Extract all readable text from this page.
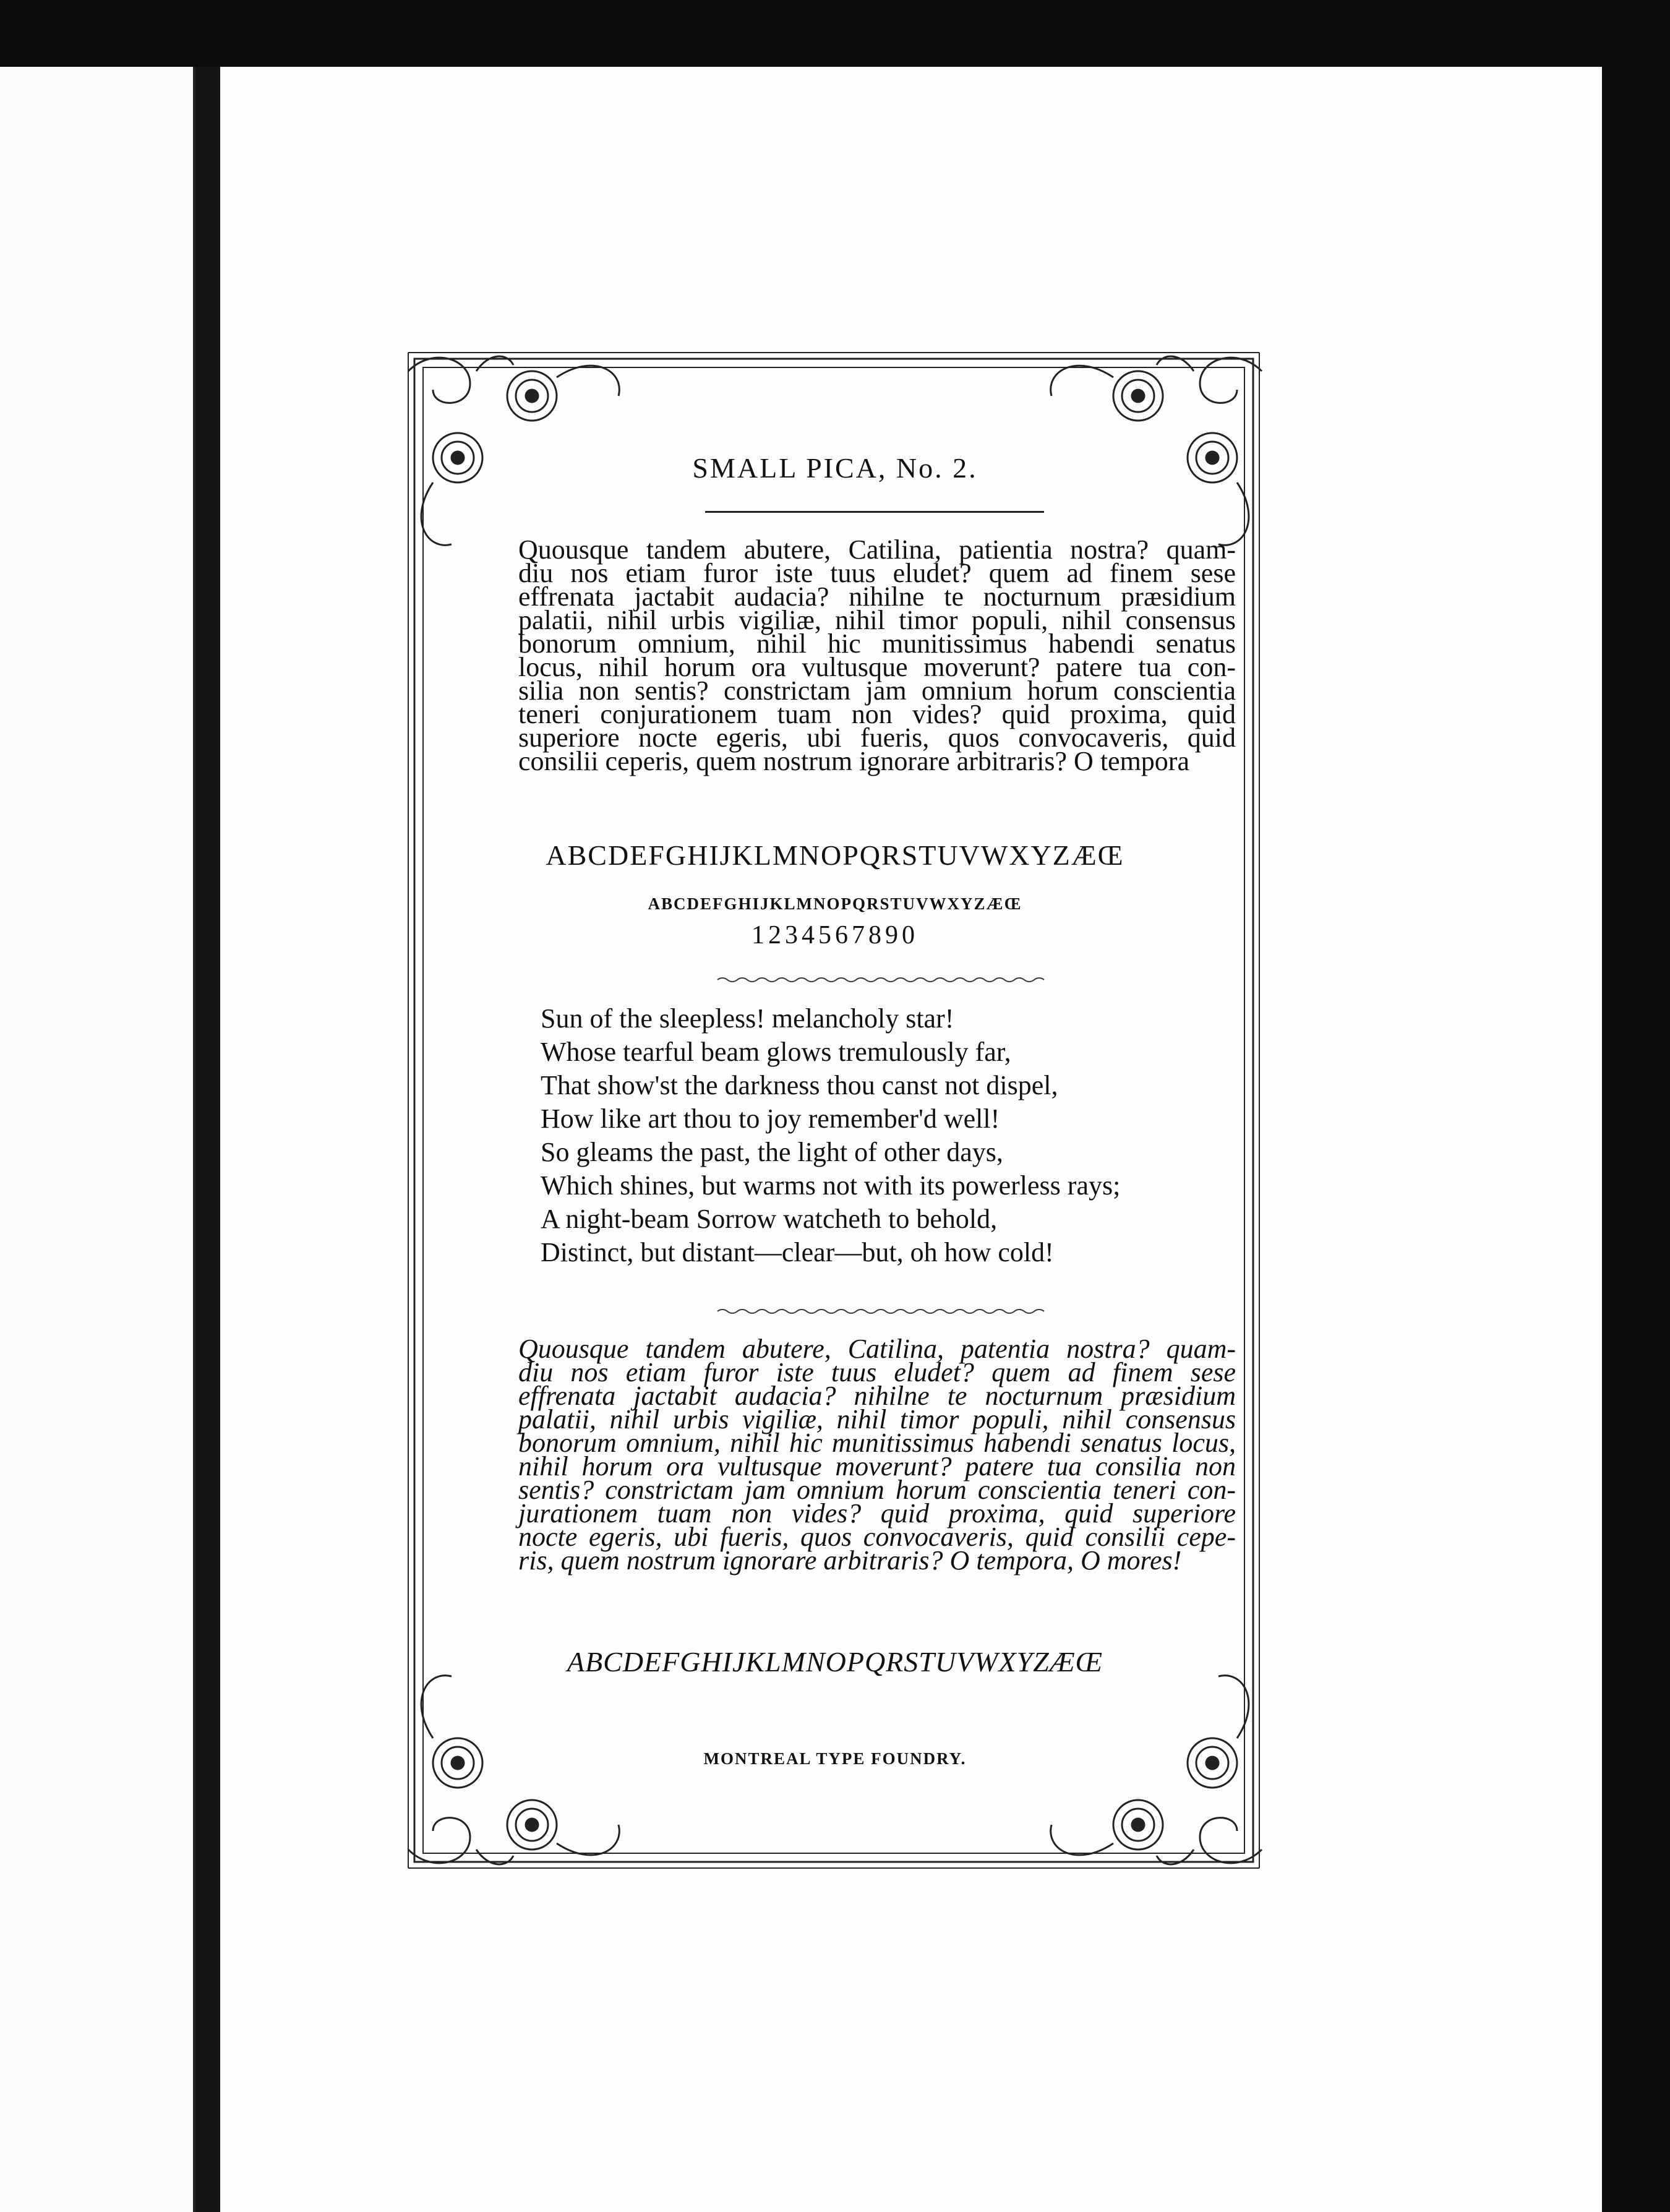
SMALL PICA, No. 2.

Quousque tandem abutere, Catilina, patientia nostra? quam-
diu nos etiam furor iste tuus eludet? quem ad finem sese
effrenata jactabit audacia? nihilne te nocturnum præsidium
palatii, nihil urbis vigiliæ, nihil timor populi, nihil consensus
bonorum omnium, nihil hic munitissimus habendi senatus
locus, nihil horum ora vultusque moverunt? patere tua con-
silia non sentis? constrictam jam omnium horum conscientia
teneri conjurationem tuam non vides? quid proxima, quid
superiore nocte egeris, ubi fueris, quos convocaveris, quid
consilii ceperis, quem nostrum ignorare arbitraris? O tempora

ABCDEFGHIJKLMNOPQRSTUVWXYZÆŒ
ABCDEFGHIJKLMNOPQRSTUVWXYZÆŒ
1234567890
Sun of the sleepless! melancholy star!
Whose tearful beam glows tremulously far,
That show'st the darkness thou canst not dispel,
How like art thou to joy remember'd well!
So gleams the past, the light of other days,
Which shines, but warms not with its powerless rays;
A night-beam Sorrow watcheth to behold,
Distinct, but distant—clear—but, oh how cold!

Quousque tandem abutere, Catilina, patentia nostra? quam-
diu nos etiam furor iste tuus eludet? quem ad finem sese
effrenata jactabit audacia? nihilne te nocturnum præsidium
palatii, nihil urbis vigiliæ, nihil timor populi, nihil consensus
bonorum omnium, nihil hic munitissimus habendi senatus locus,
nihil horum ora vultusque moverunt? patere tua consilia non
sentis? constrictam jam omnium horum conscientia teneri con-
jurationem tuam non vides? quid proxima, quid superiore
nocte egeris, ubi fueris, quos convocaveris, quid consilii cepe-
ris, quem nostrum ignorare arbitraris? O tempora, O mores!

ABCDEFGHIJKLMNOPQRSTUVWXYZÆŒ
MONTREAL TYPE FOUNDRY.
